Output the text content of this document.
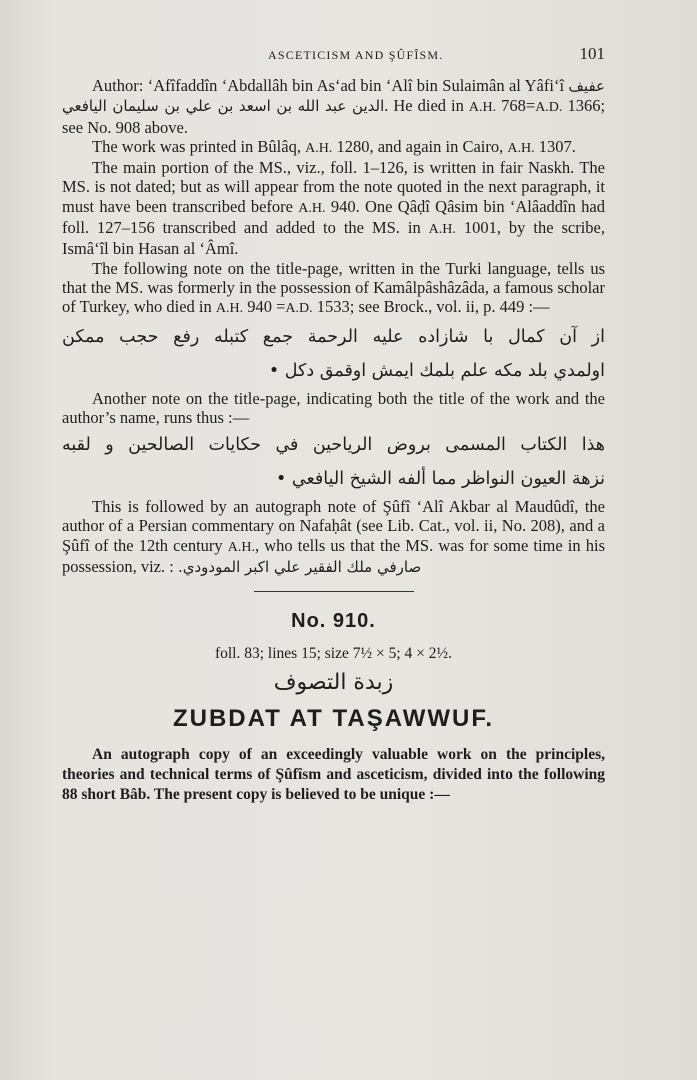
ASCETICISM AND ŞÛFÎSM.	101

Author: ‘Afîfaddîn ‘Abdallâh bin As‘ad bin ‘Alî bin Sulaimân al Yâfi‘î عفيف الدين عبد الله بن اسعد بن علي بن سليمان اليافعي. He died in A.H. 768=A.D. 1366; see No. 908 above.

The work was printed in Bûlâq, A.H. 1280, and again in Cairo, A.H. 1307.

The main portion of the MS., viz., foll. 1–126, is written in fair Naskh. The MS. is not dated; but as will appear from the note quoted in the next paragraph, it must have been transcribed before A.H. 940. One Qâḍî Qâsim bin ‘Alâaddîn had foll. 127–156 transcribed and added to the MS. in A.H. 1001, by the scribe, Ismâ‘îl bin Hasan al ‘Âmî.

The following note on the title-page, written in the Turki language, tells us that the MS. was formerly in the possession of Kamâlpâshâzâda, a famous scholar of Turkey, who died in A.H. 940 =A.D. 1533; see Brock., vol. ii, p. 449 :—

از آن كمال با شازاده عليه الرحمة جمع كتبله رفع حجب ممكن
اولمدي بلد مكه علم بلمك ايمش اوقمق دكل •

Another note on the title-page, indicating both the title of the work and the author’s name, runs thus :—

هذا الكتاب المسمى بروض الرياحين في حكايات الصالحين و لقبه
نزهة العيون النواظر مما ألفه الشيخ اليافعي •

This is followed by an autograph note of Şûfî ‘Alî Akbar al Maudûdî, the author of a Persian commentary on Nafaḥât (see Lib. Cat., vol. ii, No. 208), and a Şûfî of the 12th century A.H., who tells us that the MS. was for some time in his possession, viz. : صارفي ملك الفقير علي اكبر المودودي.

No. 910.
foll. 83; lines 15; size 7½ × 5; 4 × 2½.
زبدة التصوف
ZUBDAT AT TAŞAWWUF.

An autograph copy of an exceedingly valuable work on the principles, theories and technical terms of Şûfîsm and asceticism, divided into the following 88 short Bâb. The present copy is believed to be unique :—
